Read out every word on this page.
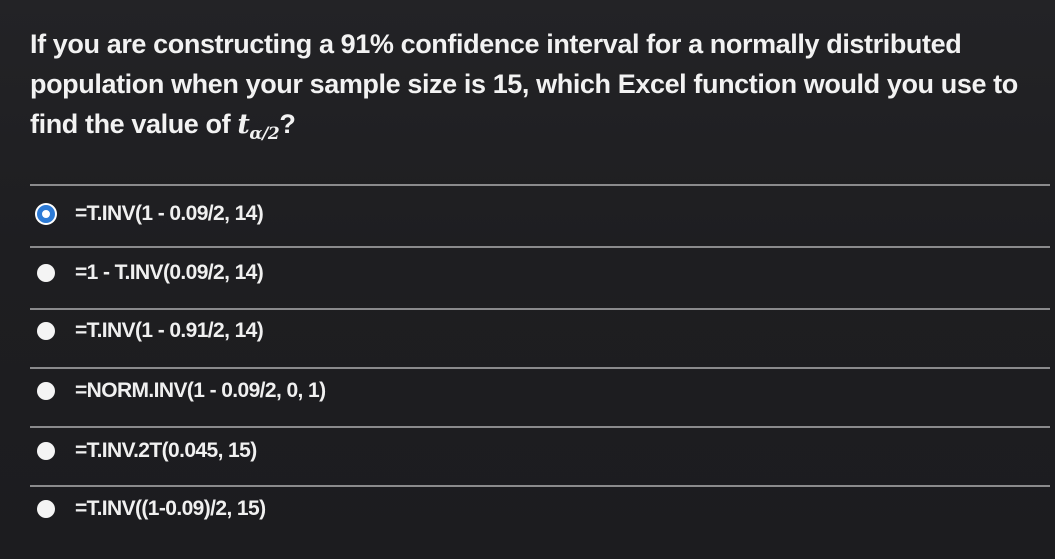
If you are constructing a 91% confidence interval for a normally distributed population when your sample size is 15, which Excel function would you use to find the value of $t_{\alpha/2}$?
=T.INV(1 - 0.09/2, 14)
=1 - T.INV(0.09/2, 14)
=T.INV(1 - 0.91/2, 14)
=NORM.INV(1 - 0.09/2, 0, 1)
=T.INV.2T(0.045, 15)
=T.INV((1-0.09)/2, 15)
